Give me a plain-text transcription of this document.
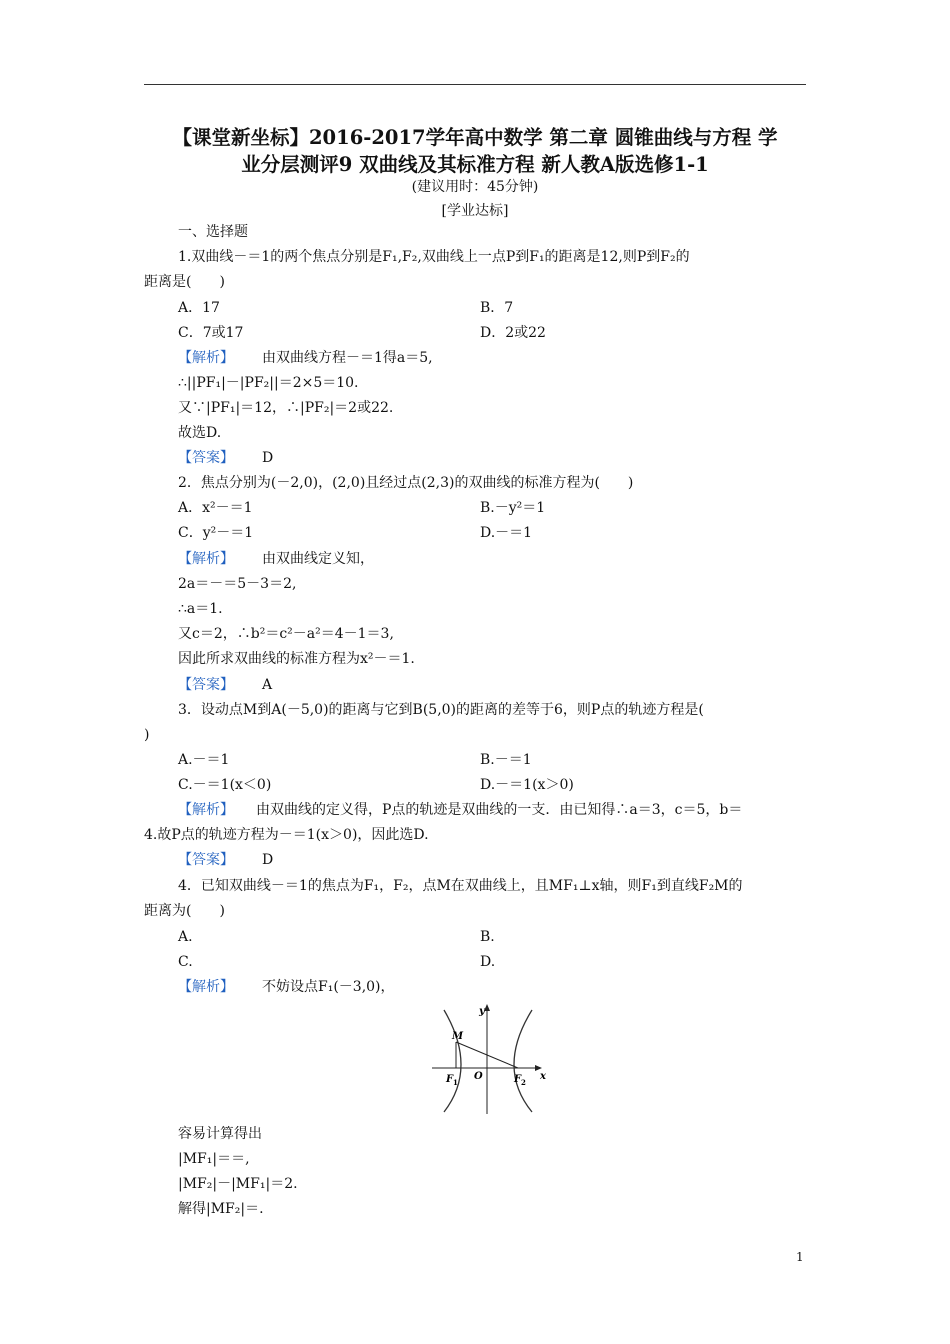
【课堂新坐标】2016-2017学年高中数学 第二章 圆锥曲线与方程 学
业分层测评9 双曲线及其标准方程 新人教A版选修1-1
(建议用时：45分钟)
[学业达标]
一、选择题
1.双曲线－＝1的两个焦点分别是F₁,F₂,双曲线上一点P到F₁的距离是12,则P到F₂的
距离是(　　)
A．17	B．7
C．7或17	D．2或22
【解析】 由双曲线方程－＝1得a＝5,
∴||PF₁|－|PF₂||＝2×5＝10.
又∵|PF₁|＝12，∴|PF₂|＝2或22.
故选D.
【答案】 D
2．焦点分别为(－2,0)，(2,0)且经过点(2,3)的双曲线的标准方程为(　　)
A．x²－＝1	B.－y²＝1
C．y²－＝1	D.－＝1
【解析】 由双曲线定义知，
2a＝－＝5－3＝2,
∴a＝1.
又c＝2，∴b²＝c²－a²＝4－1＝3,
因此所求双曲线的标准方程为x²－＝1.
【答案】 A
3．设动点M到A(－5,0)的距离与它到B(5,0)的距离的差等于6，则P点的轨迹方程是(
)
A.－＝1	B.－＝1
C.－＝1(x＜0)	D.－＝1(x＞0)
【解析】 由双曲线的定义得，P点的轨迹是双曲线的一支．由已知得∴a＝3，c＝5，b＝
4.故P点的轨迹方程为－＝1(x＞0)，因此选D.
【答案】 D
4．已知双曲线－＝1的焦点为F₁，F₂，点M在双曲线上，且MF₁⊥x轴，则F₁到直线F₂M的
距离为(　　)
A.	B.
C.	D.
【解析】 不妨设点F₁(－3,0)，
y
x
M
O
F 1	F 2
容易计算得出
|MF₁|＝＝,
|MF₂|－|MF₁|＝2.
解得|MF₂|＝.
1
